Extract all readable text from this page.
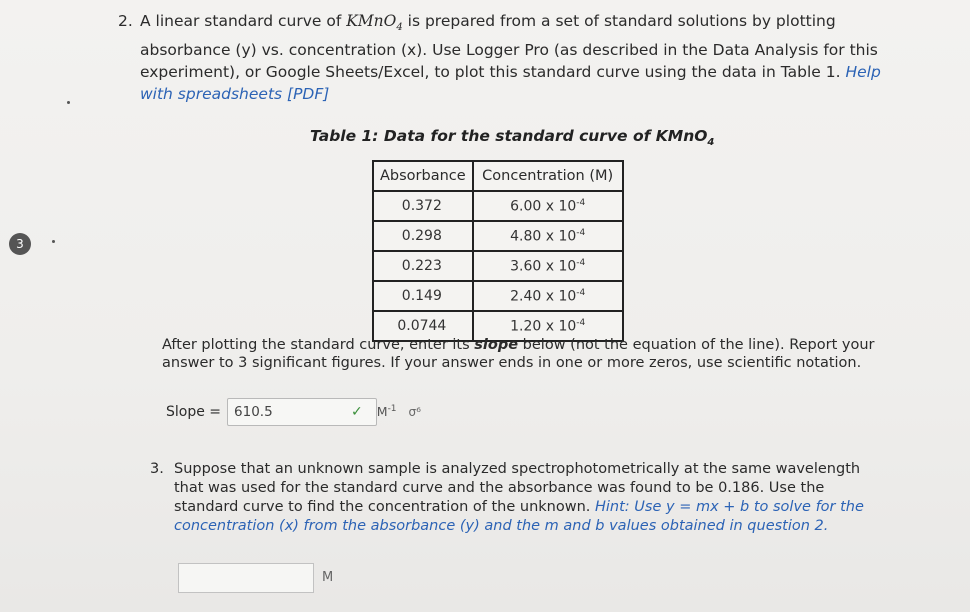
3
2. A linear standard curve of KMnO$_4$ is prepared from a set of standard solutions by plotting absorbance (y) vs. concentration (x). Use Logger Pro (as described in the Data Analysis for this experiment), or Google Sheets/Excel, to plot this standard curve using the data in Table 1. Help with spreadsheets [PDF]
Table 1: Data for the standard curve of KMnO$_4$
Absorbance	Concentration (M)
0.372	6.00 x $10^{-4}$
0.298	4.80 x $10^{-4}$
0.223	3.60 x $10^{-4}$
0.149	2.40 x $10^{-4}$
0.0744	1.20 x $10^{-4}$
After plotting the standard curve, enter its slope below (not the equation of the line). Report your answer to 3 significant figures. If your answer ends in one or more zeros, use scientific notation.
Slope = 610.5	✓ $M^{-1}$ σ⁶
3. Suppose that an unknown sample is analyzed spectrophotometrically at the same wavelength that was used for the standard curve and the absorbance was found to be 0.186. Use the standard curve to find the concentration of the unknown. Hint: Use y = mx + b to solve for the concentration (x) from the absorbance (y) and the m and b values obtained in question 2.
M
